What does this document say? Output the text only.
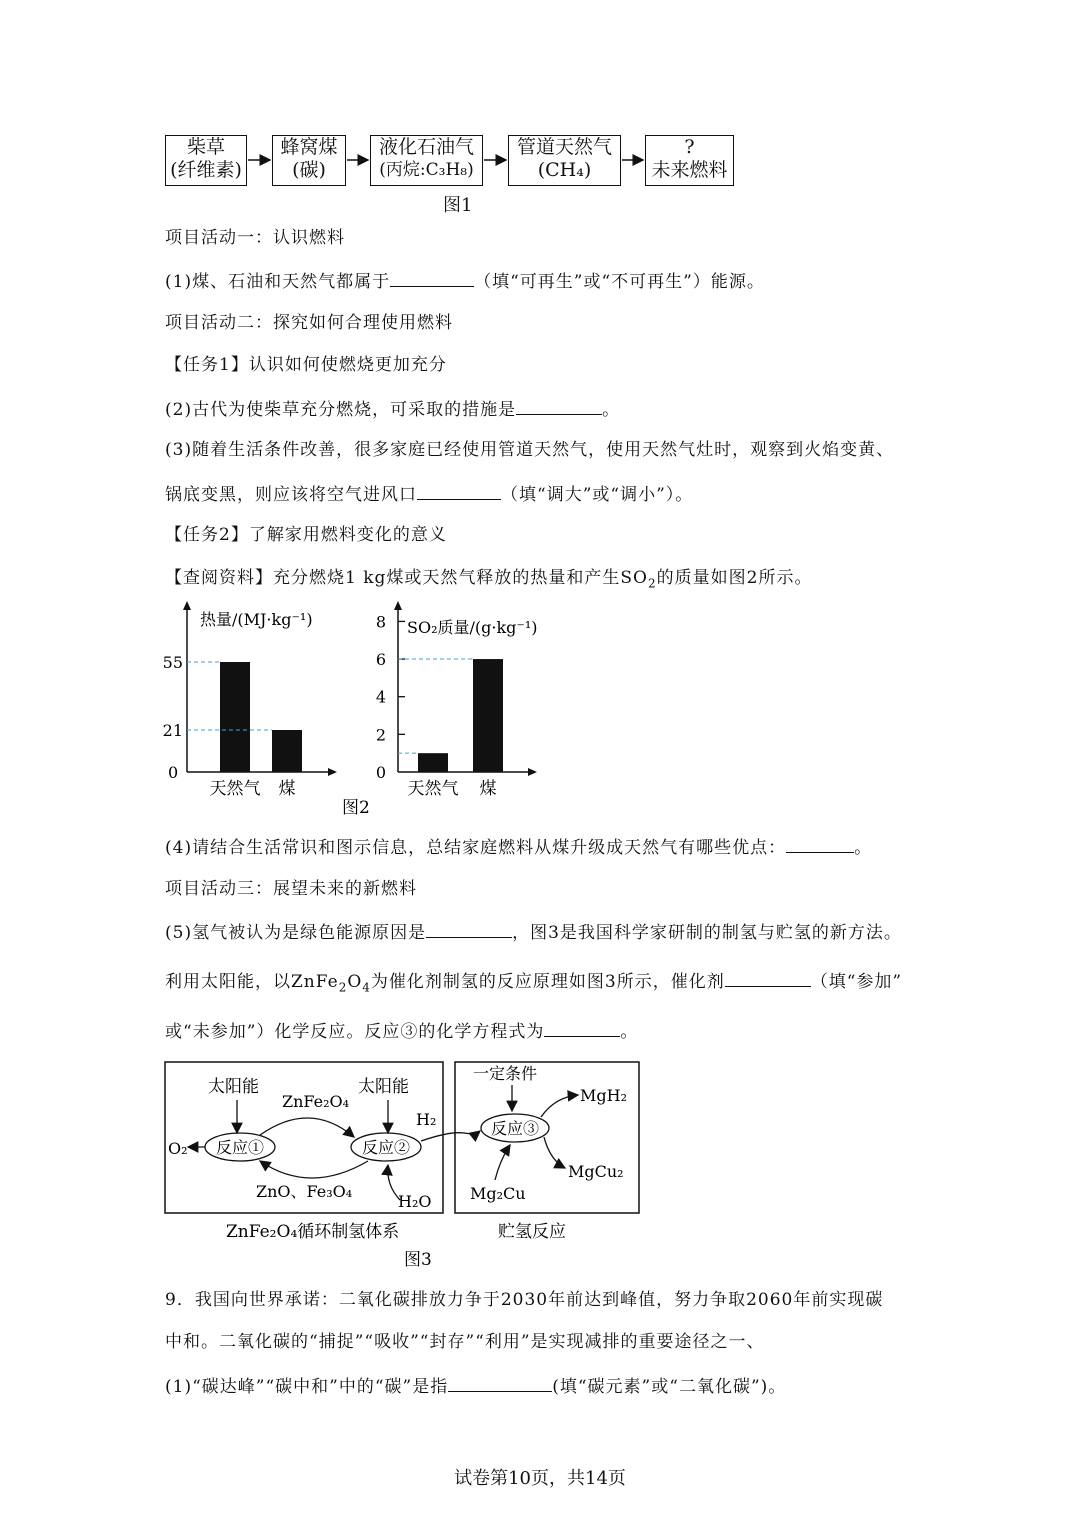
柴草
(纤维素)
蜂窝煤
(碳)
液化石油气
(丙烷:C₃H₈)
管道天然气
(CH₄)
?
未来燃料
图1
项目活动一：认识燃料
(1)煤、石油和天然气都属于	（填“可再生”或“不可再生”）能源。
项目活动二：探究如何合理使用燃料
【任务1】认识如何使燃烧更加充分
(2)古代为使柴草充分燃烧，可采取的措施是	。
(3)随着生活条件改善，很多家庭已经使用管道天然气，使用天然气灶时，观察到火焰变黄、
锅底变黑，则应该将空气进风口	（填“调大”或“调小”）。
【任务2】了解家用燃料变化的意义
【查阅资料】充分燃烧1 kg煤或天然气释放的热量和产生$SO_2$的质量如图2所示。
热量/(MJ·kg⁻¹)
0
21
55
天然气 煤
SO₂质量/(g·kg⁻¹)
0
2
4
6
8
天然气 煤
图2
(4)请结合生活常识和图示信息，总结家庭燃料从煤升级成天然气有哪些优点：	。
项目活动三：展望未来的新燃料
(5)氢气被认为是绿色能源原因是	，图3是我国科学家研制的制氢与贮氢的新方法。
利用太阳能，以$ZnFe_2O_4$为催化剂制氢的反应原理如图3所示，催化剂	（填“参加”
或“未参加”）化学反应。反应③的化学方程式为	。
太阳能	太阳能
ZnFe₂O₄
反应①	反应②
O₂
ZnO、Fe₃O₄
H₂O
H₂
一定条件
反应③
MgH₂
MgCu₂
Mg₂Cu
ZnFe₂O₄循环制氢体系	贮氢反应
图3
9．我国向世界承诺：二氧化碳排放力争于2030年前达到峰值，努力争取2060年前实现碳
中和。二氧化碳的“捕捉”“吸收”“封存”“利用”是实现减排的重要途径之一、
(1)“碳达峰”“碳中和”中的“碳”是指	(填“碳元素”或“二氧化碳”)。
试卷第10页，共14页
